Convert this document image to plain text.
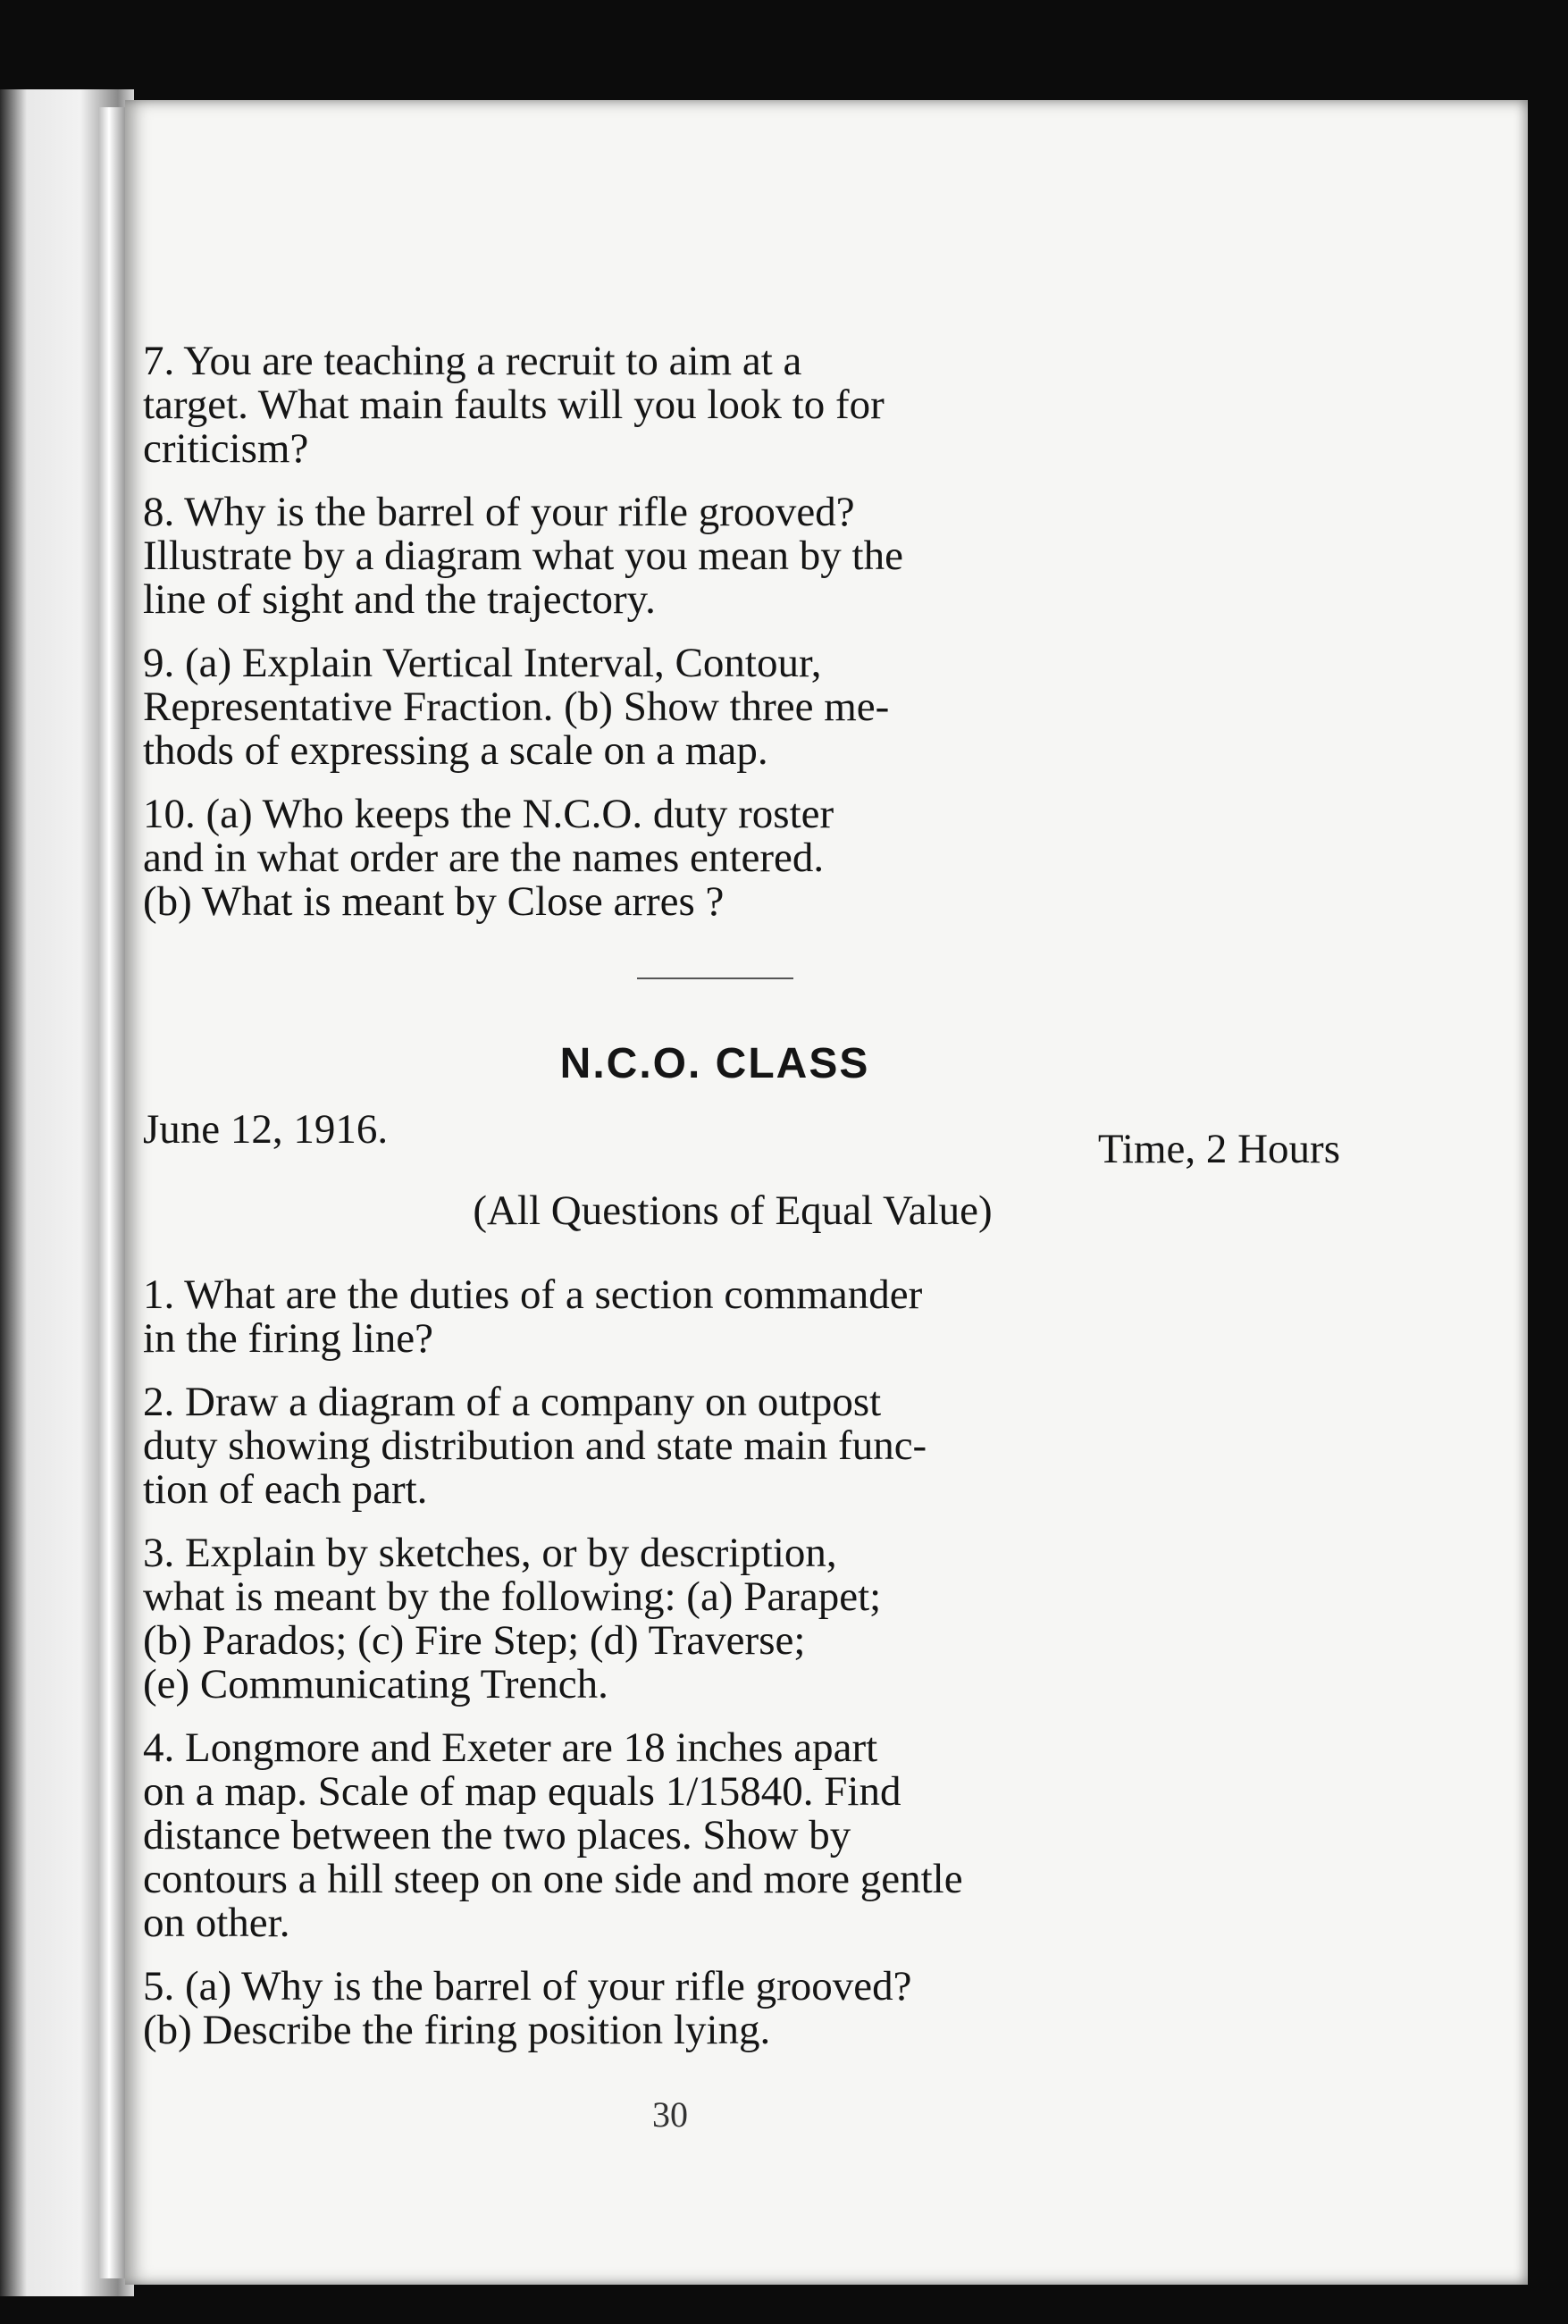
7. You are teaching a recruit to aim at a

target. What main faults will you look to for

criticism?

8. Why is the barrel of your rifle grooved?

Illustrate by a diagram what you mean by the

line of sight and the trajectory.

9. (a) Explain Vertical Interval, Contour,

Representative Fraction. (b) Show three me-

thods of expressing a scale on a map.

10. (a) Who keeps the N.C.O. duty roster

and in what order are the names entered.

(b) What is meant by Close arres ?

N.C.O. CLASS
June 12, 1916.	Time, 2 Hours
(All Questions of Equal Value)

1. What are the duties of a section commander

in the firing line?

2. Draw a diagram of a company on outpost

duty showing distribution and state main func-

tion of each part.

3. Explain by sketches, or by description,

what is meant by the following: (a) Parapet;

(b) Parados; (c) Fire Step; (d) Traverse;

(e) Communicating Trench.

4. Longmore and Exeter are 18 inches apart

on a map. Scale of map equals 1/15840. Find

distance between the two places. Show by

contours a hill steep on one side and more gentle

on other.

5. (a) Why is the barrel of your rifle grooved?

(b) Describe the firing position lying.

30
